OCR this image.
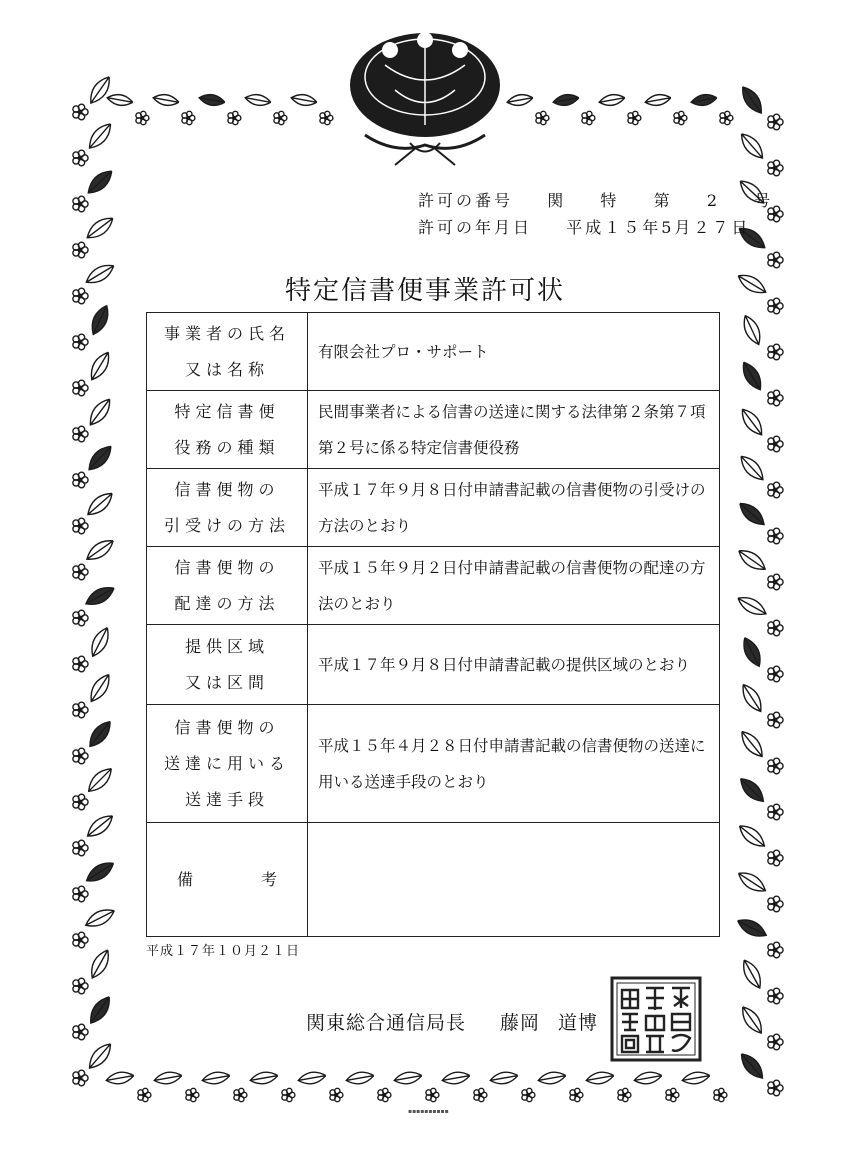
許可の番号 関 特 第 2 号
許可の年月日 平成１５年5月２７日
特定信書便事業許可状
事業者の氏名
又は名称	有限会社プロ・サポート

特定信書便
役務の種類	民間事業者による信書の送達に関する法律第２条第７項第２号に係る特定信書便役務

信書便物の
引受けの方法	平成１７年９月８日付申請書記載の信書便物の引受けの方法のとおり

信書便物の
配達の方法	平成１５年９月２日付申請書記載の信書便物の配達の方法のとおり

提供区域
又は区間	平成１７年９月８日付申請書記載の提供区域のとおり

信書便物の
送達に用いる
送達手段	平成１５年４月２８日付申請書記載の信書便物の送達に用いる送達手段のとおり

備 考	

平成１７年１０月２１日
関東総合通信局長 藤岡 道博
▪▪▪▪▪▪▪▪▪▪
